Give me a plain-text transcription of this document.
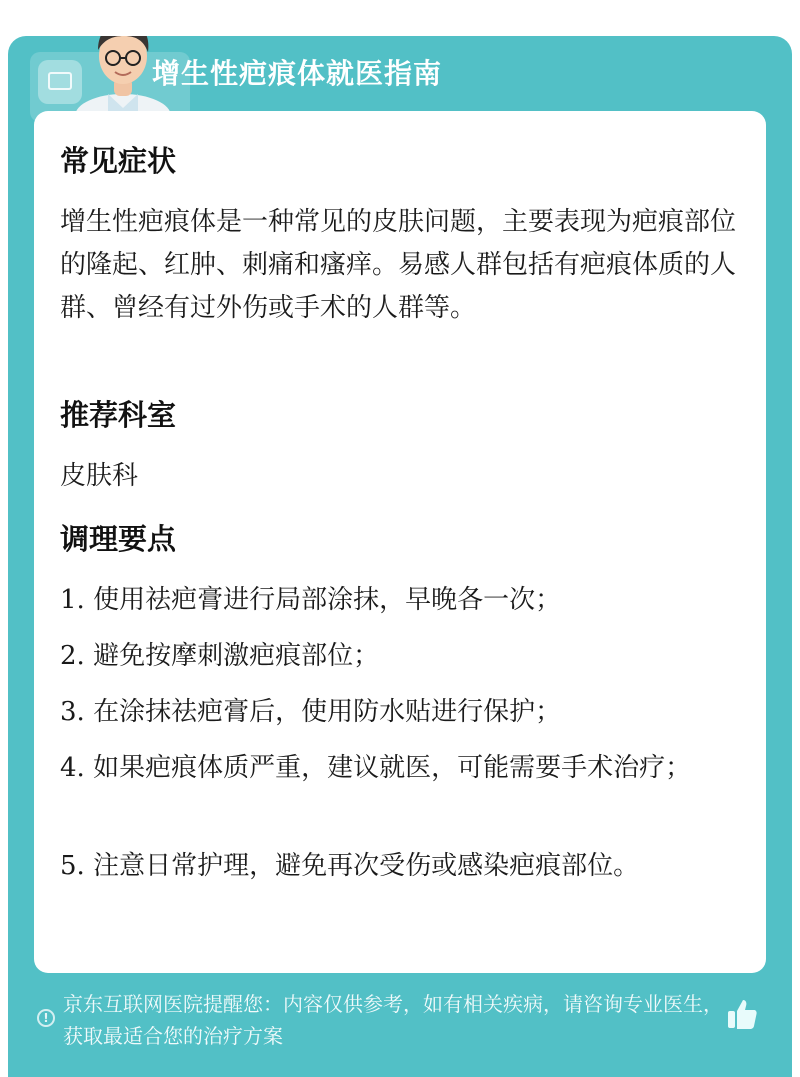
增生性疤痕体就医指南
常见症状
增生性疤痕体是一种常见的皮肤问题，主要表现为疤痕部位的隆起、红肿、刺痛和瘙痒。易感人群包括有疤痕体质的人群、曾经有过外伤或手术的人群等。
推荐科室
皮肤科
调理要点
1. 使用祛疤膏进行局部涂抹，早晚各一次；
2. 避免按摩刺激疤痕部位；
3. 在涂抹祛疤膏后，使用防水贴进行保护；
4. 如果疤痕体质严重，建议就医，可能需要手术治疗；
5. 注意日常护理，避免再次受伤或感染疤痕部位。
!
京东互联网医院提醒您：内容仅供参考，如有相关疾病，请咨询专业医生，获取最适合您的治疗方案
